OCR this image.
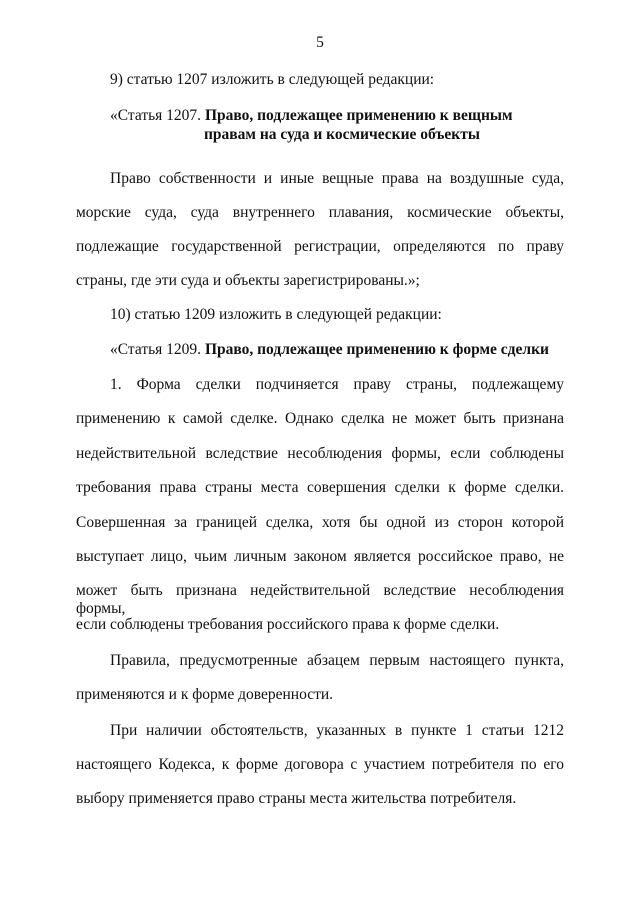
5
9) статью 1207 изложить в следующей редакции:
«Статья 1207. Право, подлежащее применению к вещным
правам на суда и космические объекты
Право собственности и иные вещные права на воздушные суда,
морские суда, суда внутреннего плавания, космические объекты,
подлежащие государственной регистрации, определяются по праву
страны, где эти суда и объекты зарегистрированы.»;
10) статью 1209 изложить в следующей редакции:
«Статья 1209. Право, подлежащее применению к форме сделки
1. Форма сделки подчиняется праву страны, подлежащему
применению к самой сделке. Однако сделка не может быть признана
недействительной вследствие несоблюдения формы, если соблюдены
требования права страны места совершения сделки к форме сделки.
Совершенная за границей сделка, хотя бы одной из сторон которой
выступает лицо, чьим личным законом является российское право, не
может быть признана недействительной вследствие несоблюдения формы,
если соблюдены требования российского права к форме сделки.
Правила, предусмотренные абзацем первым настоящего пункта,
применяются и к форме доверенности.
При наличии обстоятельств, указанных в пункте 1 статьи 1212
настоящего Кодекса, к форме договора с участием потребителя по его
выбору применяется право страны места жительства потребителя.
